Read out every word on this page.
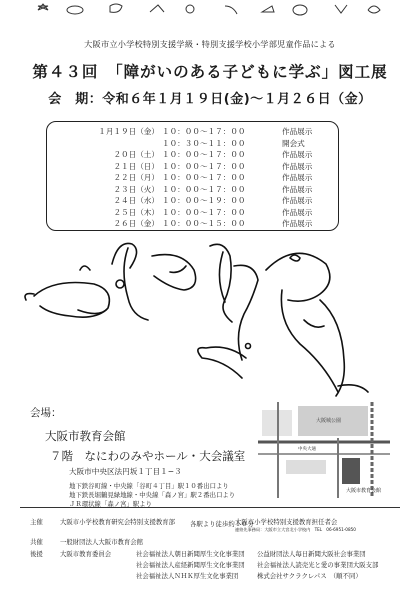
大阪市立小学校特別支援学級・特別支援学校小学部児童作品による
第４３回　「障がいのある子どもに学ぶ」図工展
会　期：令和６年１月１９日(金)〜１月２６日（金）
１月１９日（金） １０：００〜１７：００	作品展示
１０：３０〜１１：００	開会式
２０日（土） １０：００〜１７：００	作品展示
２１日（日） １０：００〜１７：００	作品展示
２２日（月） １０：００〜１７：００	作品展示
２３日（火） １０：００〜１７：００	作品展示
２４日（水） １０：００〜１９：００	作品展示
２５日（木） １０：００〜１７：００	作品展示
２６日（金） １０：００〜１５：００	作品展示
会場：
大阪市教育会館
７階　なにわのみやホール・大会議室
大阪市中央区法円坂１丁目１−３
地下鉄谷町線・中央線「谷町４丁目」駅１０番出口より
地下鉄長堀鶴見緑地線・中央線「森ノ宮」駅２番出口より
ＪＲ環状線「森ノ宮」駅より
各駅より徒歩約１０分
大阪城公園
大阪市教育会館
中央大通
主催	大阪市小学校教育研究会特別支援教育部	大阪市小学校特別支援教育担任者会
連絡先事務局：大阪市立大宮北小学校内　TEL　06-6951-0850
共催	一般財団法人大阪市教育会館
後援	大阪市教育委員会	社会福祉法人朝日新聞厚生文化事業団 公益財団法人毎日新聞大阪社会事業団
社会福祉法人産経新聞厚生文化事業団 社会福祉法人読売光と愛の事業団大阪支部
社会福祉法人ＮＨＫ厚生文化事業団	株式会社サクラクレパス　（順不同）
